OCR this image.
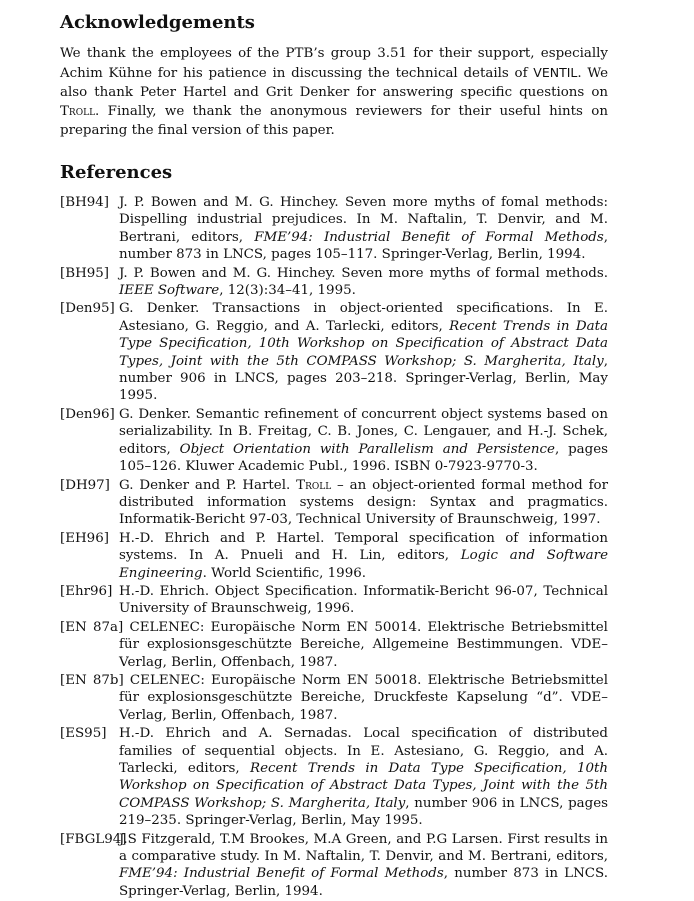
Acknowledgements

We thank the employees of the PTB’s group 3.51 for their support, especially Achim Kühne for his patience in discussing the technical details of VENTIL. We also thank Peter Hartel and Grit Denker for answering specific questions on Troll. Finally, we thank the anonymous reviewers for their useful hints on preparing the final version of this paper.

References
[BH94] J. P. Bowen and M. G. Hinchey. Seven more myths of fomal methods: Dispelling industrial prejudices. In M. Naftalin, T. Denvir, and M. Bertrani, editors, FME’94: Industrial Benefit of Formal Methods, number 873 in LNCS, pages 105–117. Springer-Verlag, Berlin, 1994.
[BH95] J. P. Bowen and M. G. Hinchey. Seven more myths of formal methods. IEEE Software, 12(3):34–41, 1995.
[Den95] G. Denker. Transactions in object-oriented specifications. In E. Astesiano, G. Reggio, and A. Tarlecki, editors, Recent Trends in Data Type Specification, 10th Workshop on Specification of Abstract Data Types, Joint with the 5th COMPASS Workshop; S. Margherita, Italy, number 906 in LNCS, pages 203–218. Springer-Verlag, Berlin, May 1995.
[Den96] G. Denker. Semantic refinement of concurrent object systems based on serializability. In B. Freitag, C. B. Jones, C. Lengauer, and H.-J. Schek, editors, Object Orientation with Parallelism and Persistence, pages 105–126. Kluwer Academic Publ., 1996. ISBN 0-7923-9770-3.
[DH97] G. Denker and P. Hartel. Troll – an object-oriented formal method for distributed information systems design: Syntax and pragmatics. Informatik-Bericht 97-03, Technical University of Braunschweig, 1997.
[EH96] H.-D. Ehrich and P. Hartel. Temporal specification of information systems. In A. Pnueli and H. Lin, editors, Logic and Software Engineering. World Scientific, 1996.
[Ehr96] H.-D. Ehrich. Object Specification. Informatik-Bericht 96-07, Technical University of Braunschweig, 1996.
[EN 87a] CELENEC: Europäische Norm EN 50014. Elektrische Betriebsmittel für explosionsgeschützte Bereiche, Allgemeine Bestimmungen. VDE–Verlag, Berlin, Offenbach, 1987.
[EN 87b] CELENEC: Europäische Norm EN 50018. Elektrische Betriebsmittel für explosionsgeschützte Bereiche, Druckfeste Kapselung “d”. VDE–Verlag, Berlin, Offenbach, 1987.
[ES95] H.-D. Ehrich and A. Sernadas. Local specification of distributed families of sequential objects. In E. Astesiano, G. Reggio, and A. Tarlecki, editors, Recent Trends in Data Type Specification, 10th Workshop on Specification of Abstract Data Types, Joint with the 5th COMPASS Workshop; S. Margherita, Italy, number 906 in LNCS, pages 219–235. Springer-Verlag, Berlin, May 1995.
[FBGL94]
J.S Fitzgerald, T.M Brookes, M.A Green, and P.G Larsen. First results in a comparative study. In M. Naftalin, T. Denvir, and M. Bertrani, editors, FME’94: Industrial Benefit of Formal Methods, number 873 in LNCS. Springer-Verlag, Berlin, 1994.
